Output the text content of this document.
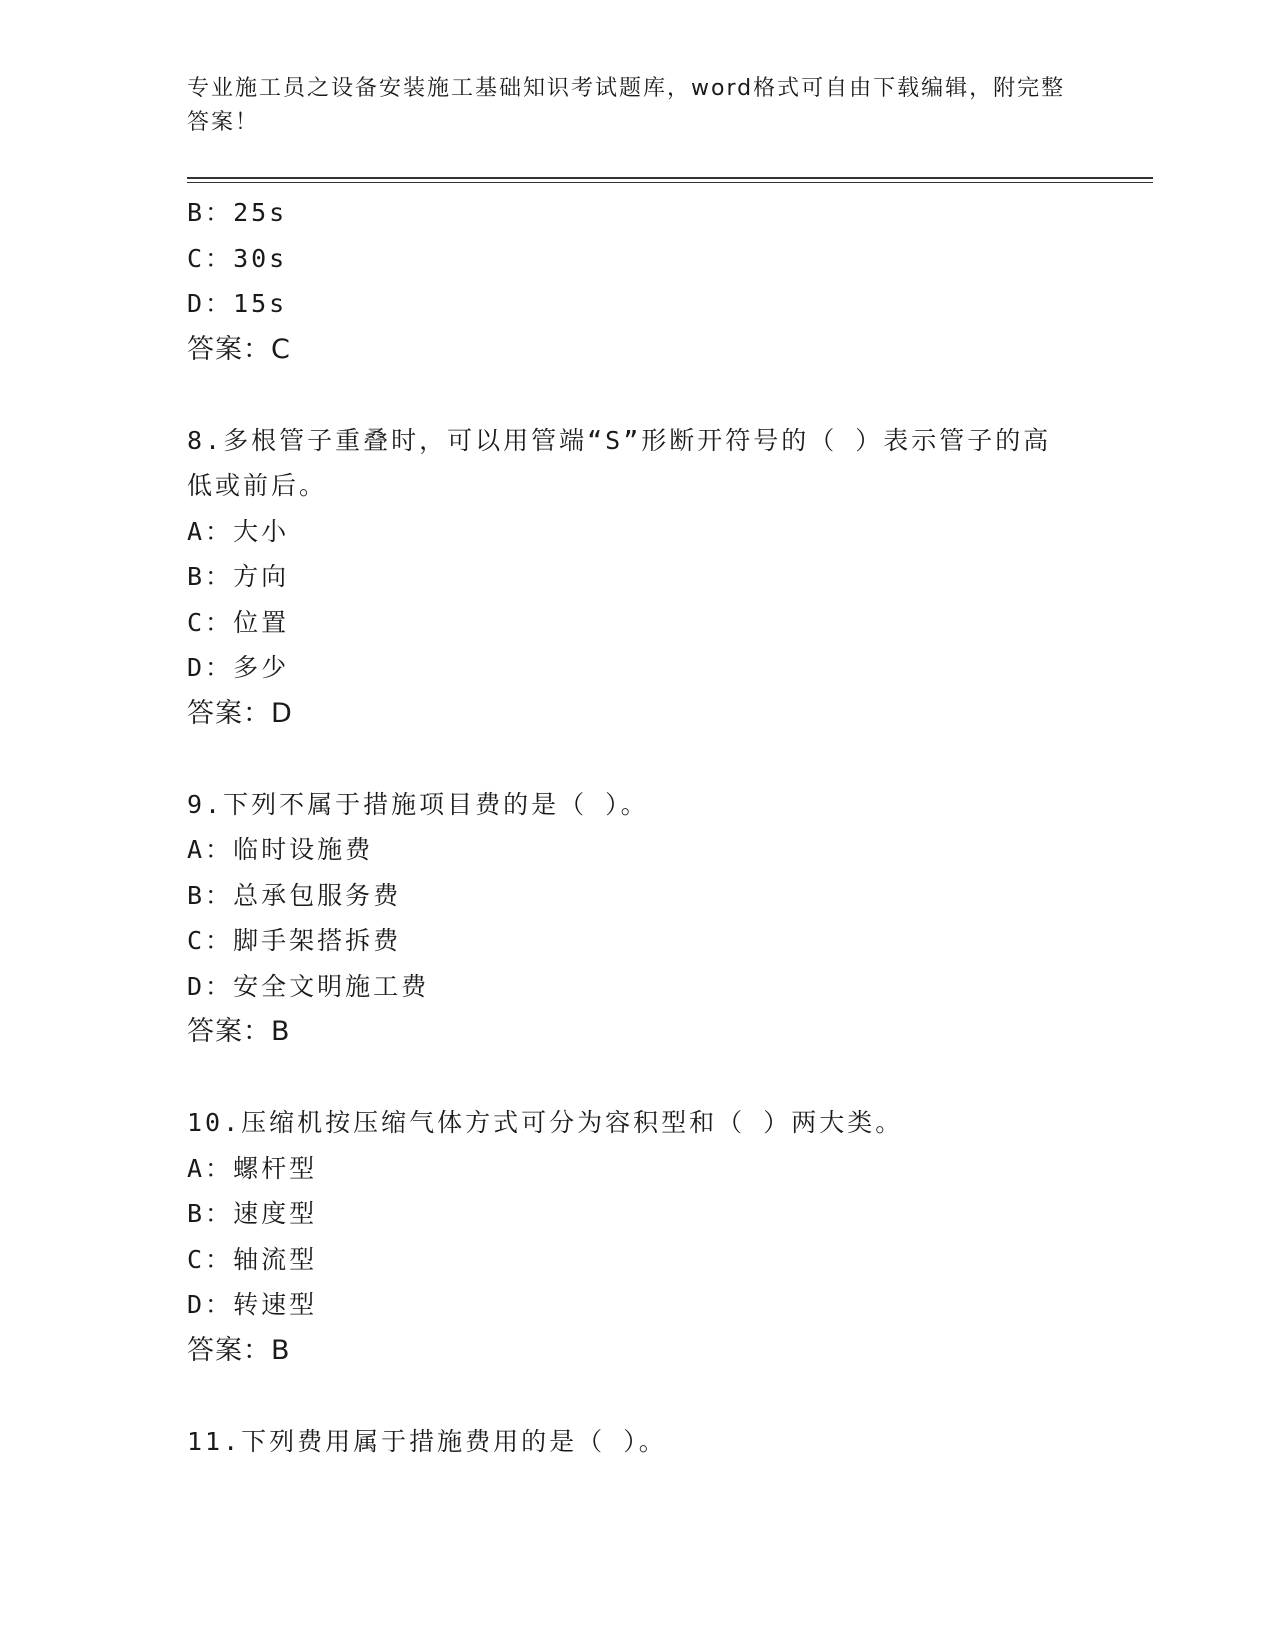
专业施工员之设备安装施工基础知识考试题库，word格式可自由下载编辑，附完整答案！
B：25s
C：30s
D：15s
答案：C
8.多根管子重叠时，可以用管端“S”形断开符号的（ ）表示管子的高低或前后。
A：大小
B：方向
C：位置
D：多少
答案：D
9.下列不属于措施项目费的是（ ）。
A：临时设施费
B：总承包服务费
C：脚手架搭拆费
D：安全文明施工费
答案：B
10.压缩机按压缩气体方式可分为容积型和（ ）两大类。
A：螺杆型
B：速度型
C：轴流型
D：转速型
答案：B
11.下列费用属于措施费用的是（ ）。
